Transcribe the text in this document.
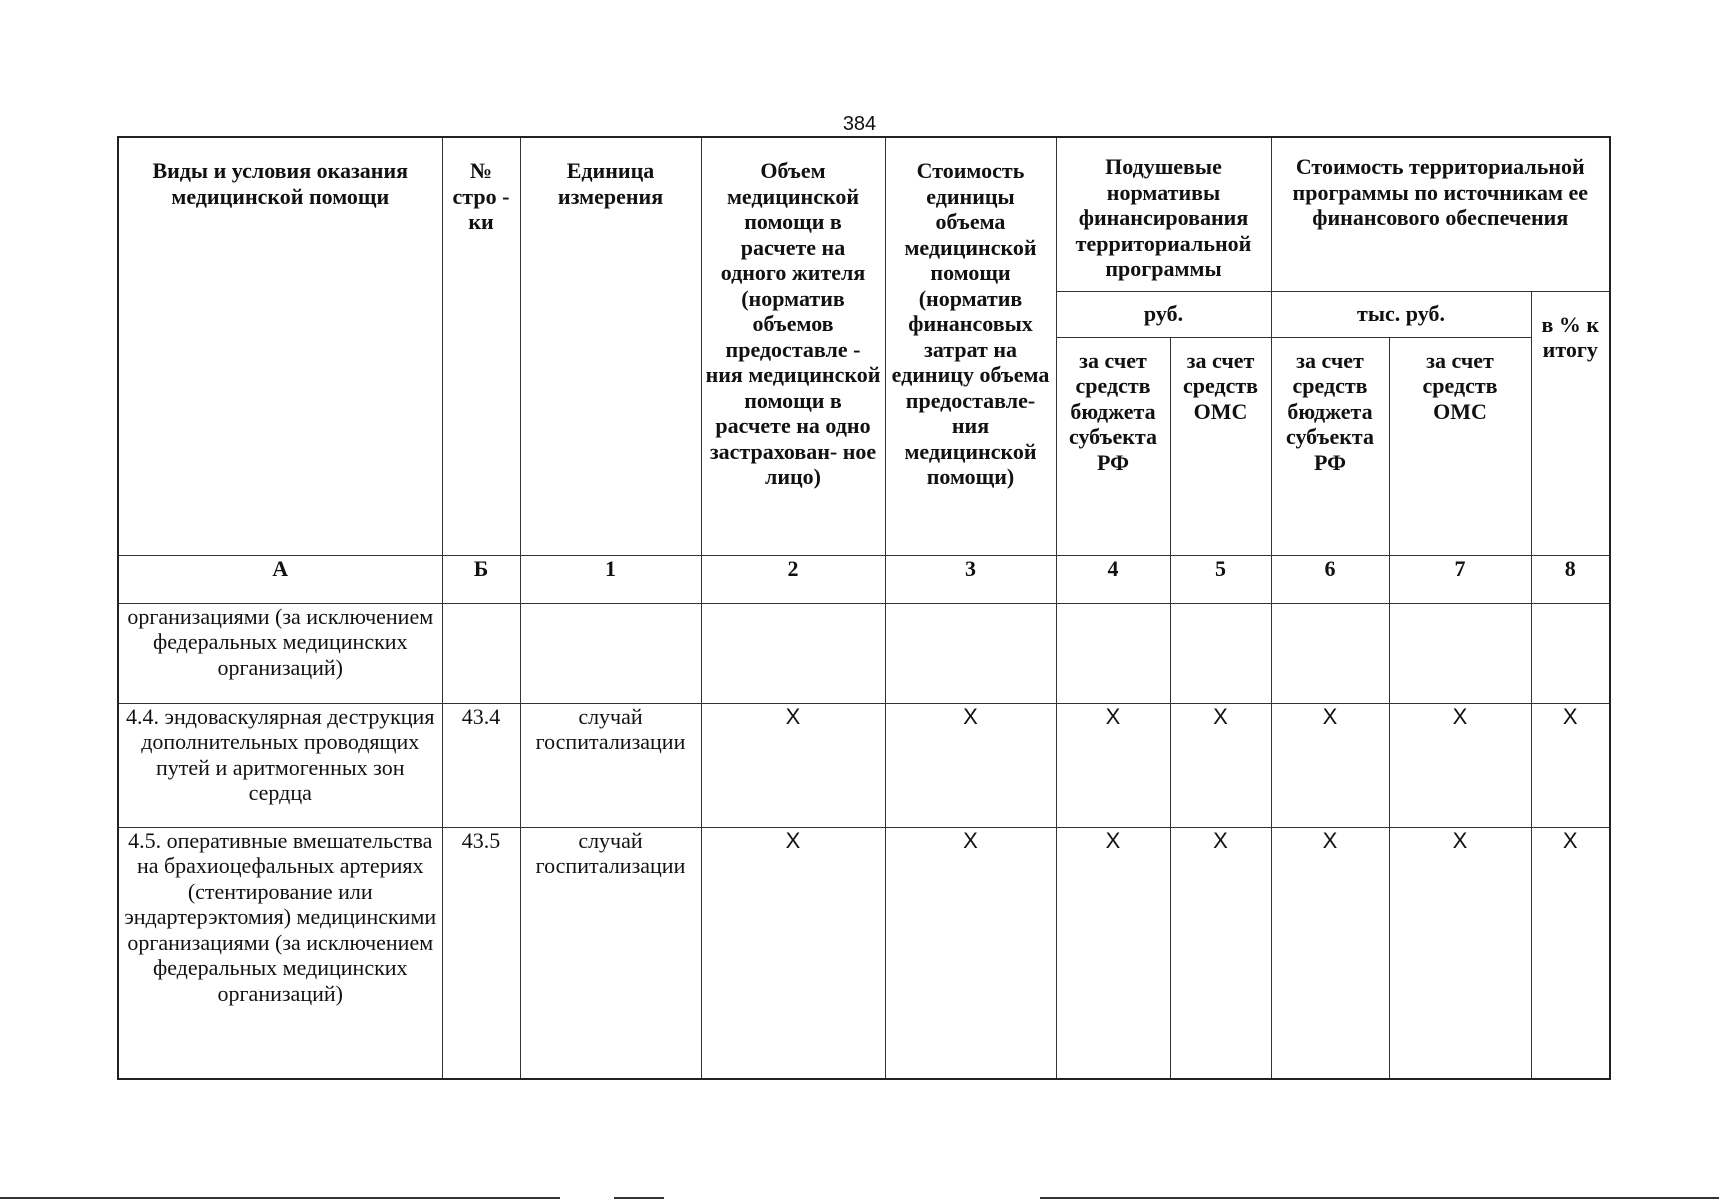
384
Виды и условия оказания медицинской помощи	№ стро - ки	Единица измерения	Объем медицинской помощи в расчете на одного жителя (норматив объемов предоставле - ния медицинской помощи в расчете на одно застрахован- ное лицо)	Стоимость единицы объема медицинской помощи (норматив финансовых затрат на единицу объема предоставле- ния медицинской помощи)	Подушевые нормативы финансирования территориальной программы		Стоимость территориальной программы по источникам ее финансового обеспечения		
					руб.		тыс. руб.		в % к итогу
					за счет средств бюджета субъекта РФ	за счет средств ОМС	за счет средств бюджета субъекта РФ	за счет средств ОМС	
А	Б	1	2	3	4	5	6	7	8
организациями (за исключением федеральных медицинских организаций)									
4.4. эндоваскулярная деструкция дополнительных проводящих путей и аритмогенных зон сердца	43.4	случай госпитализации	X	X	X	X	X	X	X
4.5. оперативные вмешательства на брахиоцефальных артериях (стентирование или эндартерэктомия) медицинскими организациями (за исключением федеральных медицинских организаций)	43.5	случай госпитализации	X	X	X	X	X	X	X
